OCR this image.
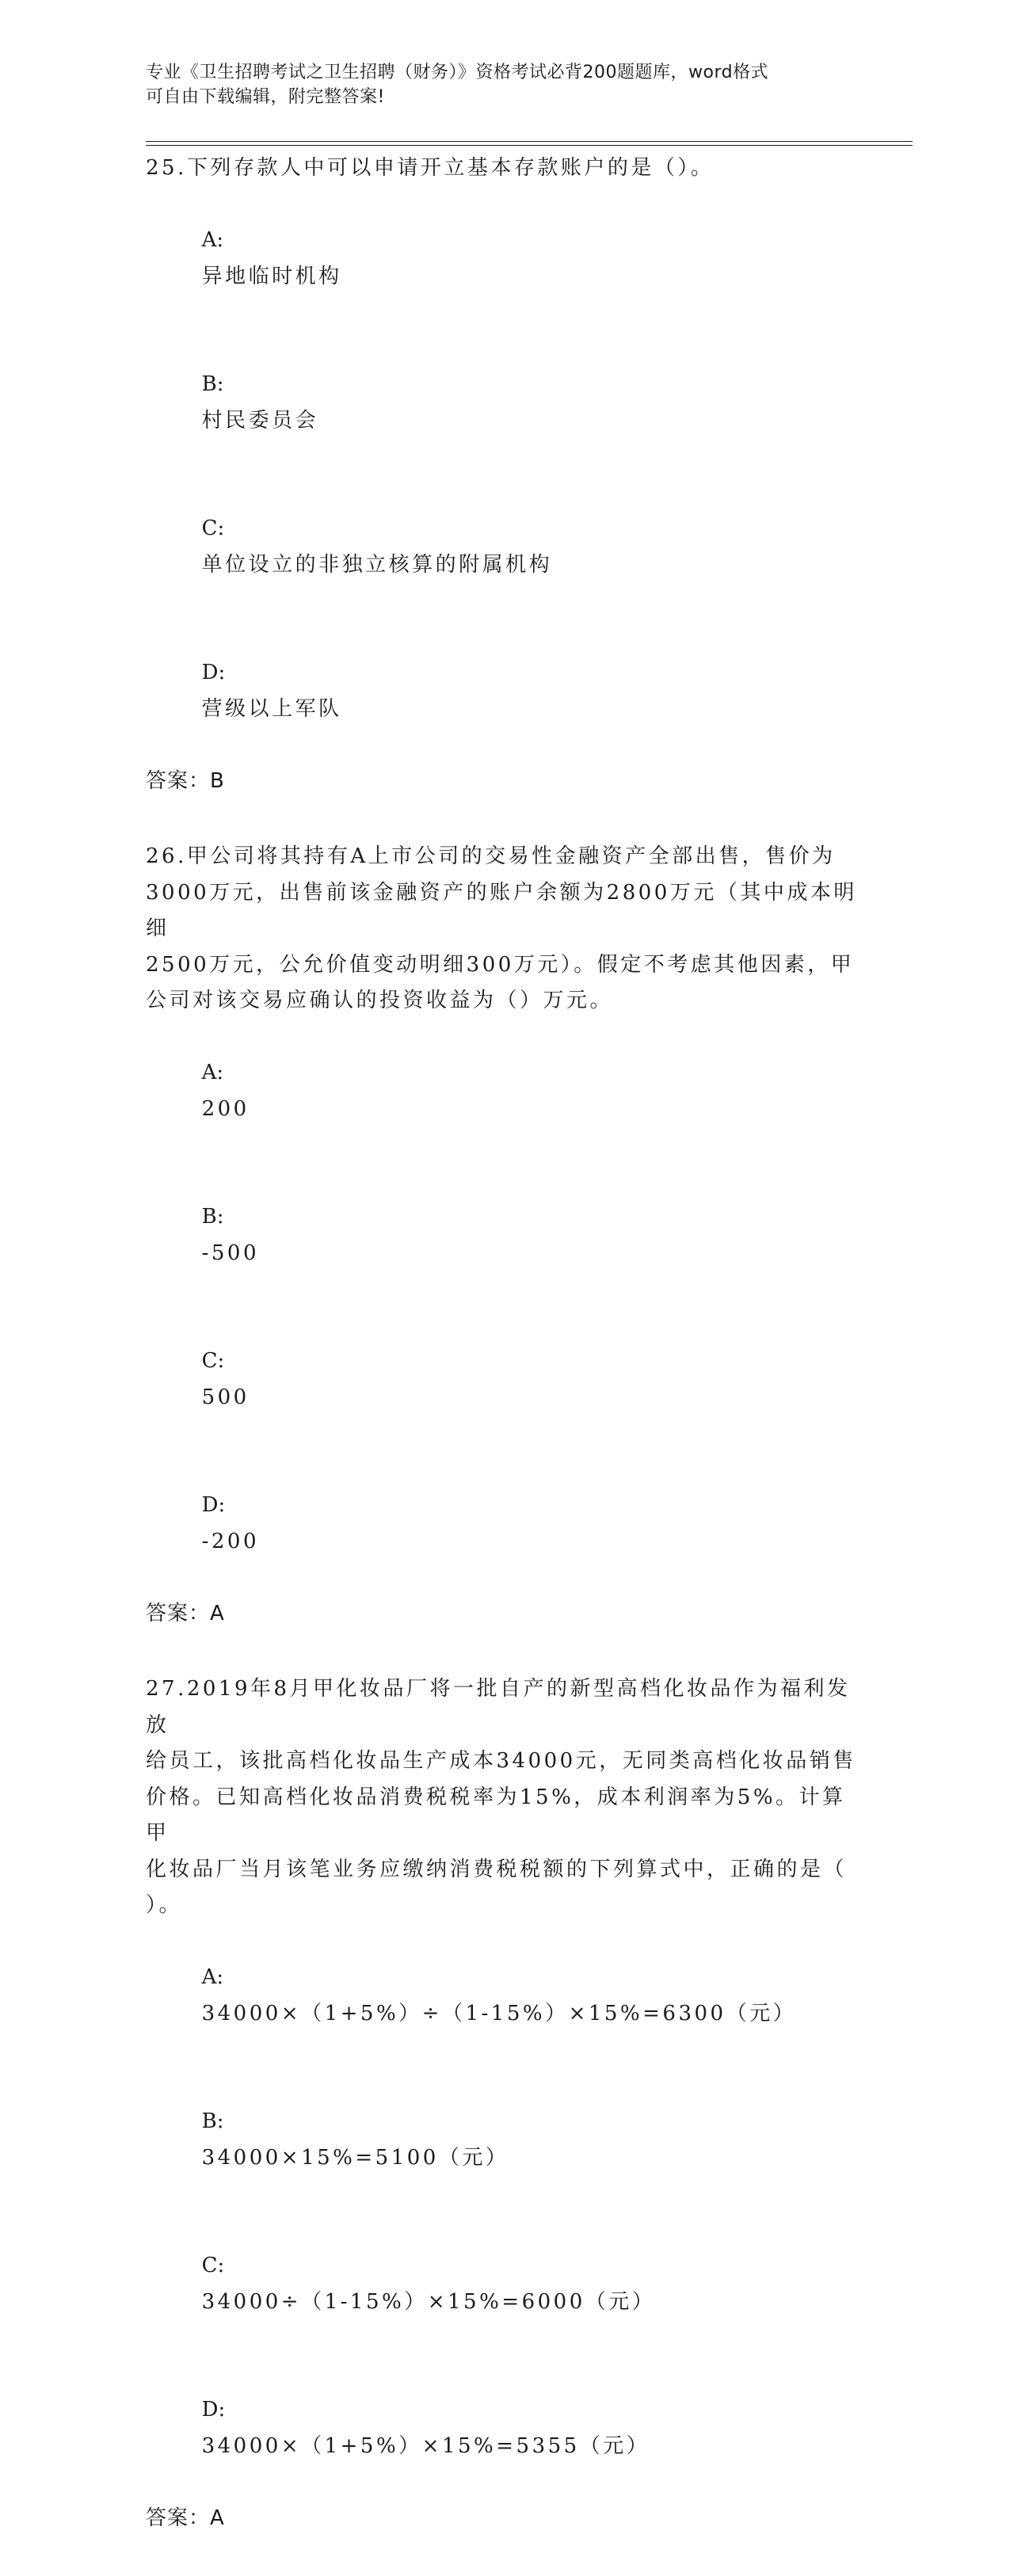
专业《卫生招聘考试之卫生招聘（财务）》资格考试必背200题题库，word格式
可自由下载编辑，附完整答案!
25.下列存款人中可以申请开立基本存款账户的是（）。

A:
异地临时机构

B:
村民委员会

C:
单位设立的非独立核算的附属机构

D:
营级以上军队

答案：B
26.甲公司将其持有A上市公司的交易性金融资产全部出售，售价为
3000万元，出售前该金融资产的账户余额为2800万元（其中成本明细
2500万元，公允价值变动明细300万元）。假定不考虑其他因素，甲
公司对该交易应确认的投资收益为（）万元。

A:
200

B:
-500

C:
500

D:
-200

答案：A
27.2019年8月甲化妆品厂将一批自产的新型高档化妆品作为福利发放
给员工，该批高档化妆品生产成本34000元，无同类高档化妆品销售
价格。已知高档化妆品消费税税率为15%，成本利润率为5%。计算甲
化妆品厂当月该笔业务应缴纳消费税税额的下列算式中，正确的是（
）。

A:
34000×（1+5%）÷（1-15%）×15%=6300（元）

B:
34000×15%=5100（元）

C:
34000÷（1-15%）×15%=6000（元）

D:
34000×（1+5%）×15%=5355（元）

答案：A
